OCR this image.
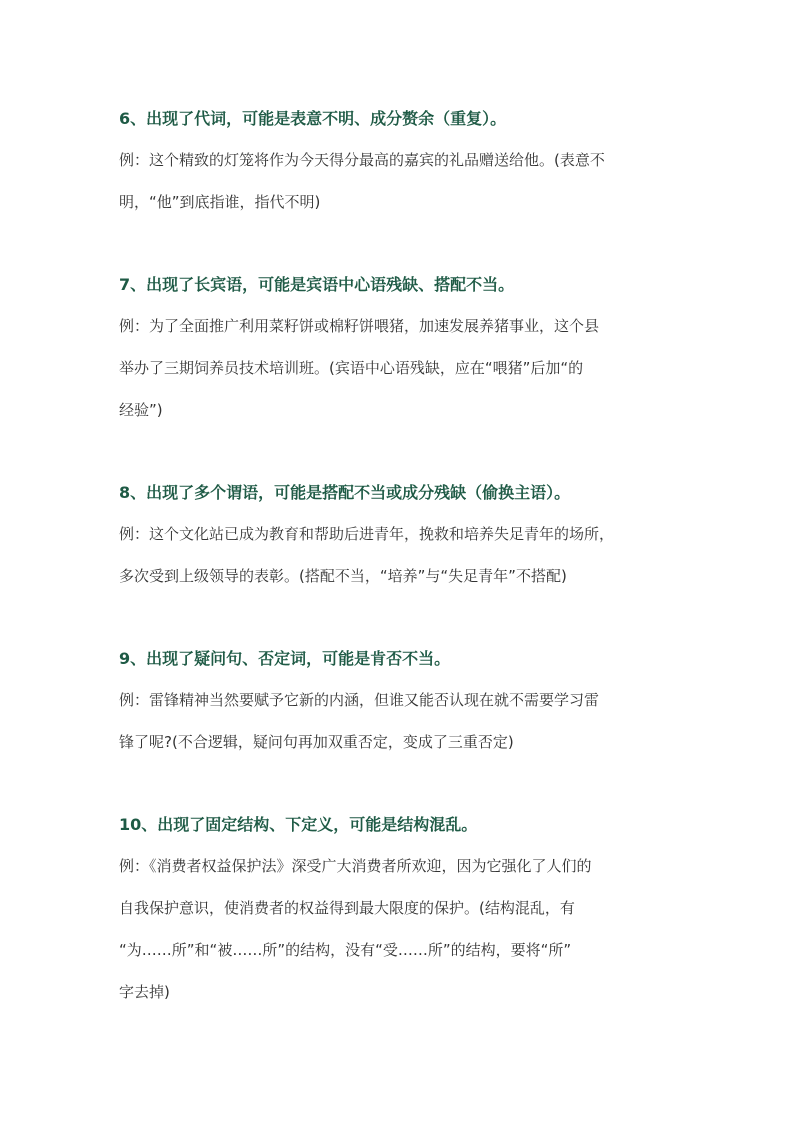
6、出现了代词，可能是表意不明、成分赘余（重复）。
例：这个精致的灯笼将作为今天得分最高的嘉宾的礼品赠送给他。(表意不
明，“他”到底指谁，指代不明)
7、出现了长宾语，可能是宾语中心语残缺、搭配不当。
例：为了全面推广利用菜籽饼或棉籽饼喂猪，加速发展养猪事业，这个县
举办了三期饲养员技术培训班。(宾语中心语残缺，应在“喂猪”后加“的
经验”)
8、出现了多个谓语，可能是搭配不当或成分残缺（偷换主语）。
例：这个文化站已成为教育和帮助后进青年，挽救和培养失足青年的场所，
多次受到上级领导的表彰。(搭配不当，“培养”与“失足青年”不搭配)
9、出现了疑问句、否定词，可能是肯否不当。
例：雷锋精神当然要赋予它新的内涵，但谁又能否认现在就不需要学习雷
锋了呢?(不合逻辑，疑问句再加双重否定，变成了三重否定)
10、出现了固定结构、下定义，可能是结构混乱。
例：《消费者权益保护法》深受广大消费者所欢迎，因为它强化了人们的
自我保护意识，使消费者的权益得到最大限度的保护。(结构混乱，有
“为……所”和“被……所”的结构，没有“受……所”的结构，要将“所”
字去掉)
